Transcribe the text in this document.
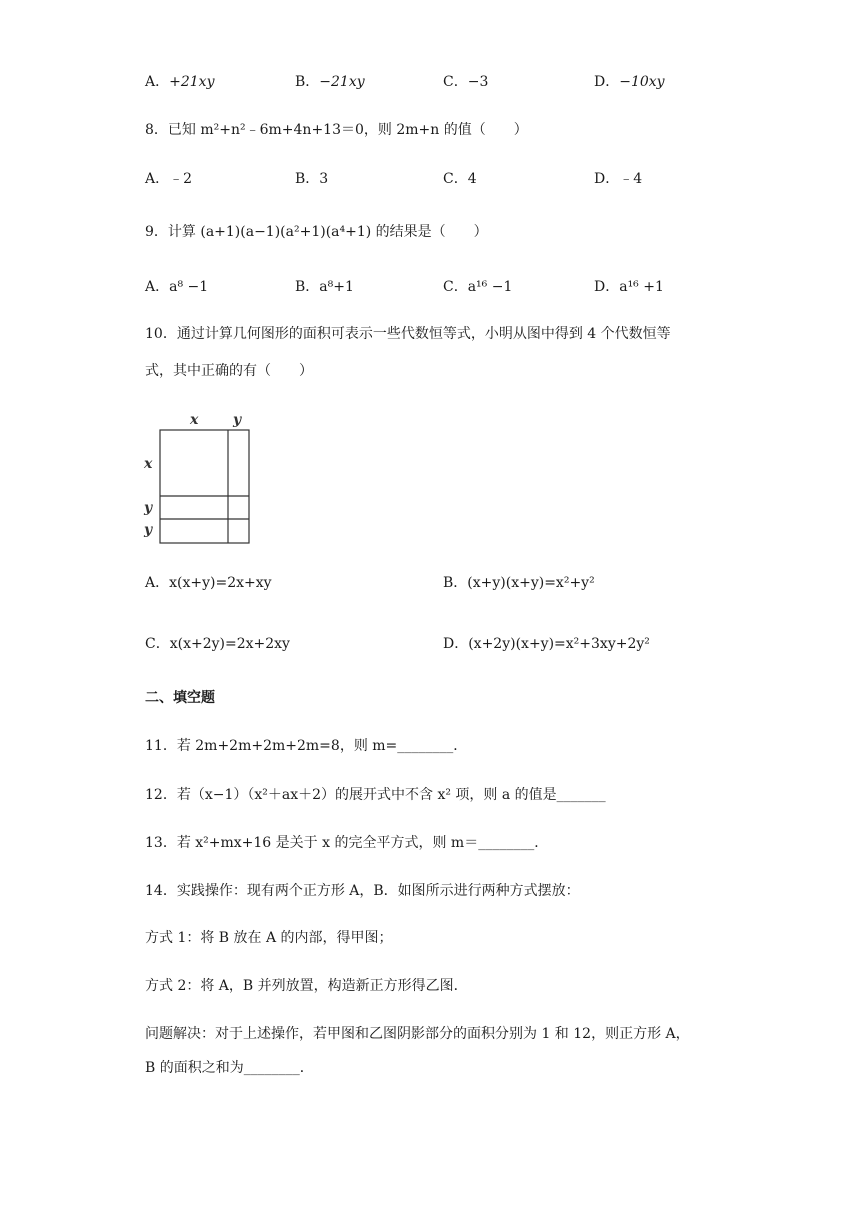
A．+21xy	B．−21xy	C．−3	D．−10xy
8．已知 m²+n²﹣6m+4n+13＝0，则 2m+n 的值（　　）
A．﹣2	B．3	C．4	D．﹣4
9．计算 (a+1)(a−1)(a²+1)(a⁴+1) 的结果是（　　）
A．a⁸ −1	B．a⁸+1	C．a¹⁶ −1	D．a¹⁶ +1
10．通过计算几何图形的面积可表示一些代数恒等式，小明从图中得到 4 个代数恒等
式，其中正确的有（　　）
x y
x
y
y
A．x(x+y)=2x+xy	B．(x+y)(x+y)=x²+y²
C．x(x+2y)=2x+2xy	D．(x+2y)(x+y)=x²+3xy+2y²
二、填空题
11．若 2m+2m+2m+2m=8，则 m=________．
12．若（x−1）（x²＋ax＋2）的展开式中不含 x² 项，则 a 的值是_______
13．若 x²+mx+16 是关于 x 的完全平方式，则 m＝________．
14．实践操作：现有两个正方形 A，B．如图所示进行两种方式摆放：
方式 1：将 B 放在 A 的内部，得甲图；
方式 2：将 A，B 并列放置，构造新正方形得乙图．
问题解决：对于上述操作，若甲图和乙图阴影部分的面积分别为 1 和 12，则正方形 A，
B 的面积之和为________．
